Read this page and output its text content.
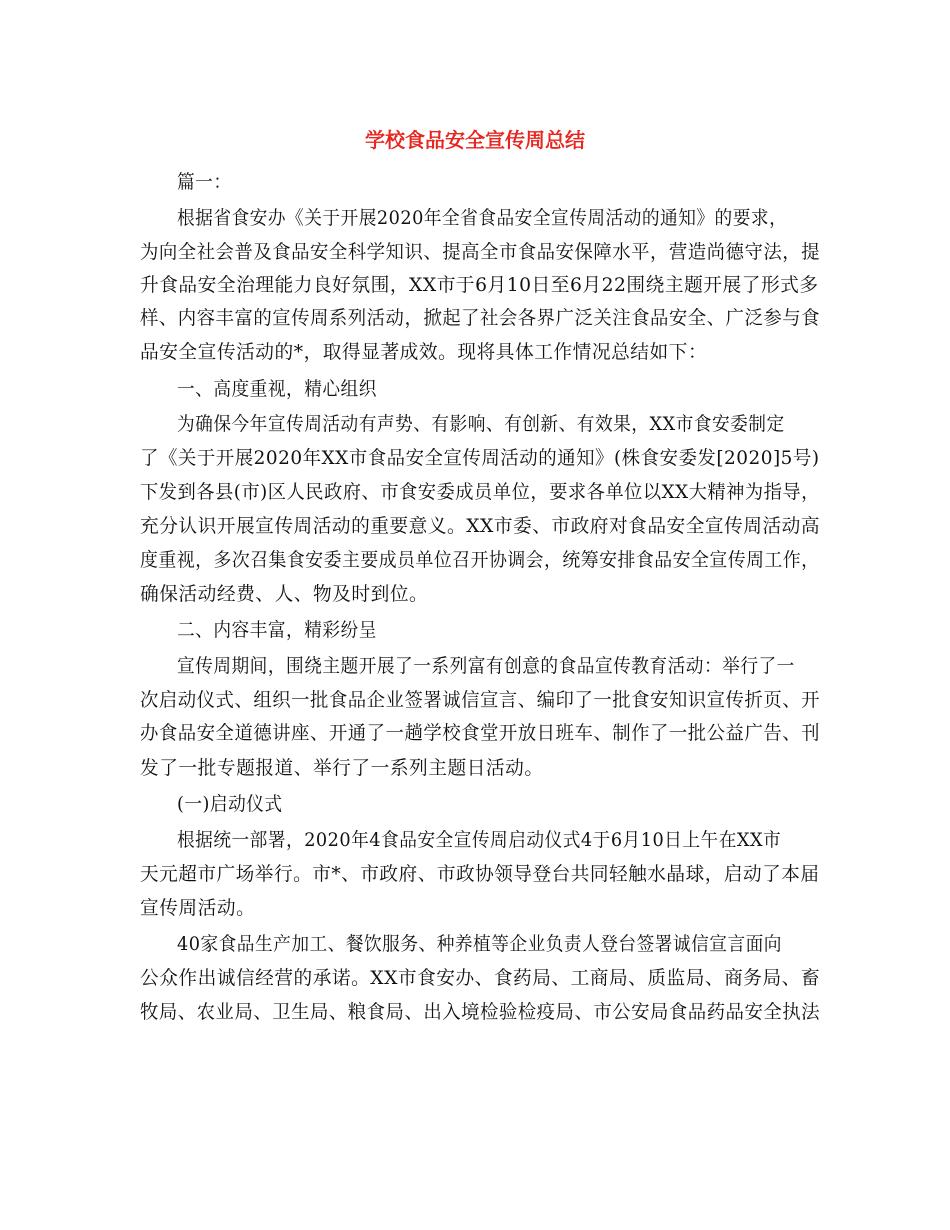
学校食品安全宣传周总结
篇一：
根据省食安办《关于开展2020年全省食品安全宣传周活动的通知》的要求，
为向全社会普及食品安全科学知识、提高全市食品安保障水平，营造尚德守法，提
升食品安全治理能力良好氛围，XX市于6月10日至6月22围绕主题开展了形式多
样、内容丰富的宣传周系列活动，掀起了社会各界广泛关注食品安全、广泛参与食
品安全宣传活动的*，取得显著成效。现将具体工作情况总结如下：
一、高度重视，精心组织
为确保今年宣传周活动有声势、有影响、有创新、有效果，XX市食安委制定
了《关于开展2020年XX市食品安全宣传周活动的通知》(株食安委发[2020]5号)
下发到各县(市)区人民政府、市食安委成员单位，要求各单位以XX大精神为指导，
充分认识开展宣传周活动的重要意义。XX市委、市政府对食品安全宣传周活动高
度重视，多次召集食安委主要成员单位召开协调会，统筹安排食品安全宣传周工作，
确保活动经费、人、物及时到位。
二、内容丰富，精彩纷呈
宣传周期间，围绕主题开展了一系列富有创意的食品宣传教育活动：举行了一
次启动仪式、组织一批食品企业签署诚信宣言、编印了一批食安知识宣传折页、开
办食品安全道德讲座、开通了一趟学校食堂开放日班车、制作了一批公益广告、刊
发了一批专题报道、举行了一系列主题日活动。
(一)启动仪式
根据统一部署，2020年4食品安全宣传周启动仪式4于6月10日上午在XX市
天元超市广场举行。市*、市政府、市政协领导登台共同轻触水晶球，启动了本届
宣传周活动。
40家食品生产加工、餐饮服务、种养植等企业负责人登台签署诚信宣言面向
公众作出诚信经营的承诺。XX市食安办、食药局、工商局、质监局、商务局、畜
牧局、农业局、卫生局、粮食局、出入境检验检疫局、市公安局食品药品安全执法
